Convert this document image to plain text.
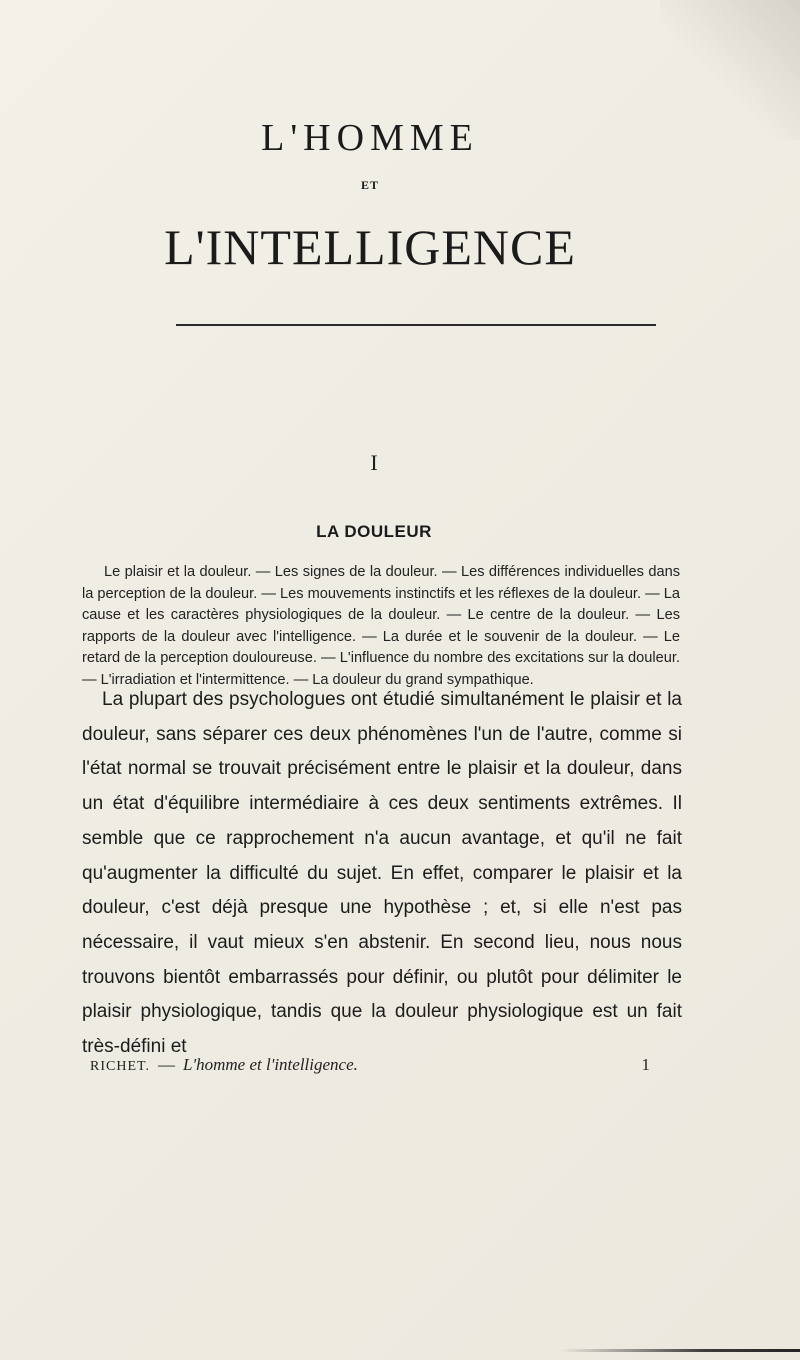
L'HOMME
ET
L'INTELLIGENCE
I
LA DOULEUR
Le plaisir et la douleur. — Les signes de la douleur. — Les différences individuelles dans la perception de la douleur. — Les mouvements instinctifs et les réflexes de la douleur. — La cause et les caractères physiologiques de la douleur. — Le centre de la douleur. — Les rapports de la douleur avec l'intelligence. — La durée et le souvenir de la douleur. — Le retard de la perception douloureuse. — L'influence du nombre des excitations sur la douleur. — L'irradiation et l'intermittence. — La douleur du grand sympathique.
La plupart des psychologues ont étudié simultanément le plaisir et la douleur, sans séparer ces deux phénomènes l'un de l'autre, comme si l'état normal se trouvait précisément entre le plaisir et la douleur, dans un état d'équilibre intermédiaire à ces deux sentiments extrêmes. Il semble que ce rapprochement n'a aucun avantage, et qu'il ne fait qu'augmenter la difficulté du sujet. En effet, comparer le plaisir et la douleur, c'est déjà presque une hypothèse ; et, si elle n'est pas nécessaire, il vaut mieux s'en abstenir. En second lieu, nous nous trouvons bientôt embarrassés pour définir, ou plutôt pour délimiter le plaisir physiologique, tandis que la douleur physiologique est un fait très-défini et
RICHET. — L'homme et l'intelligence.	1
